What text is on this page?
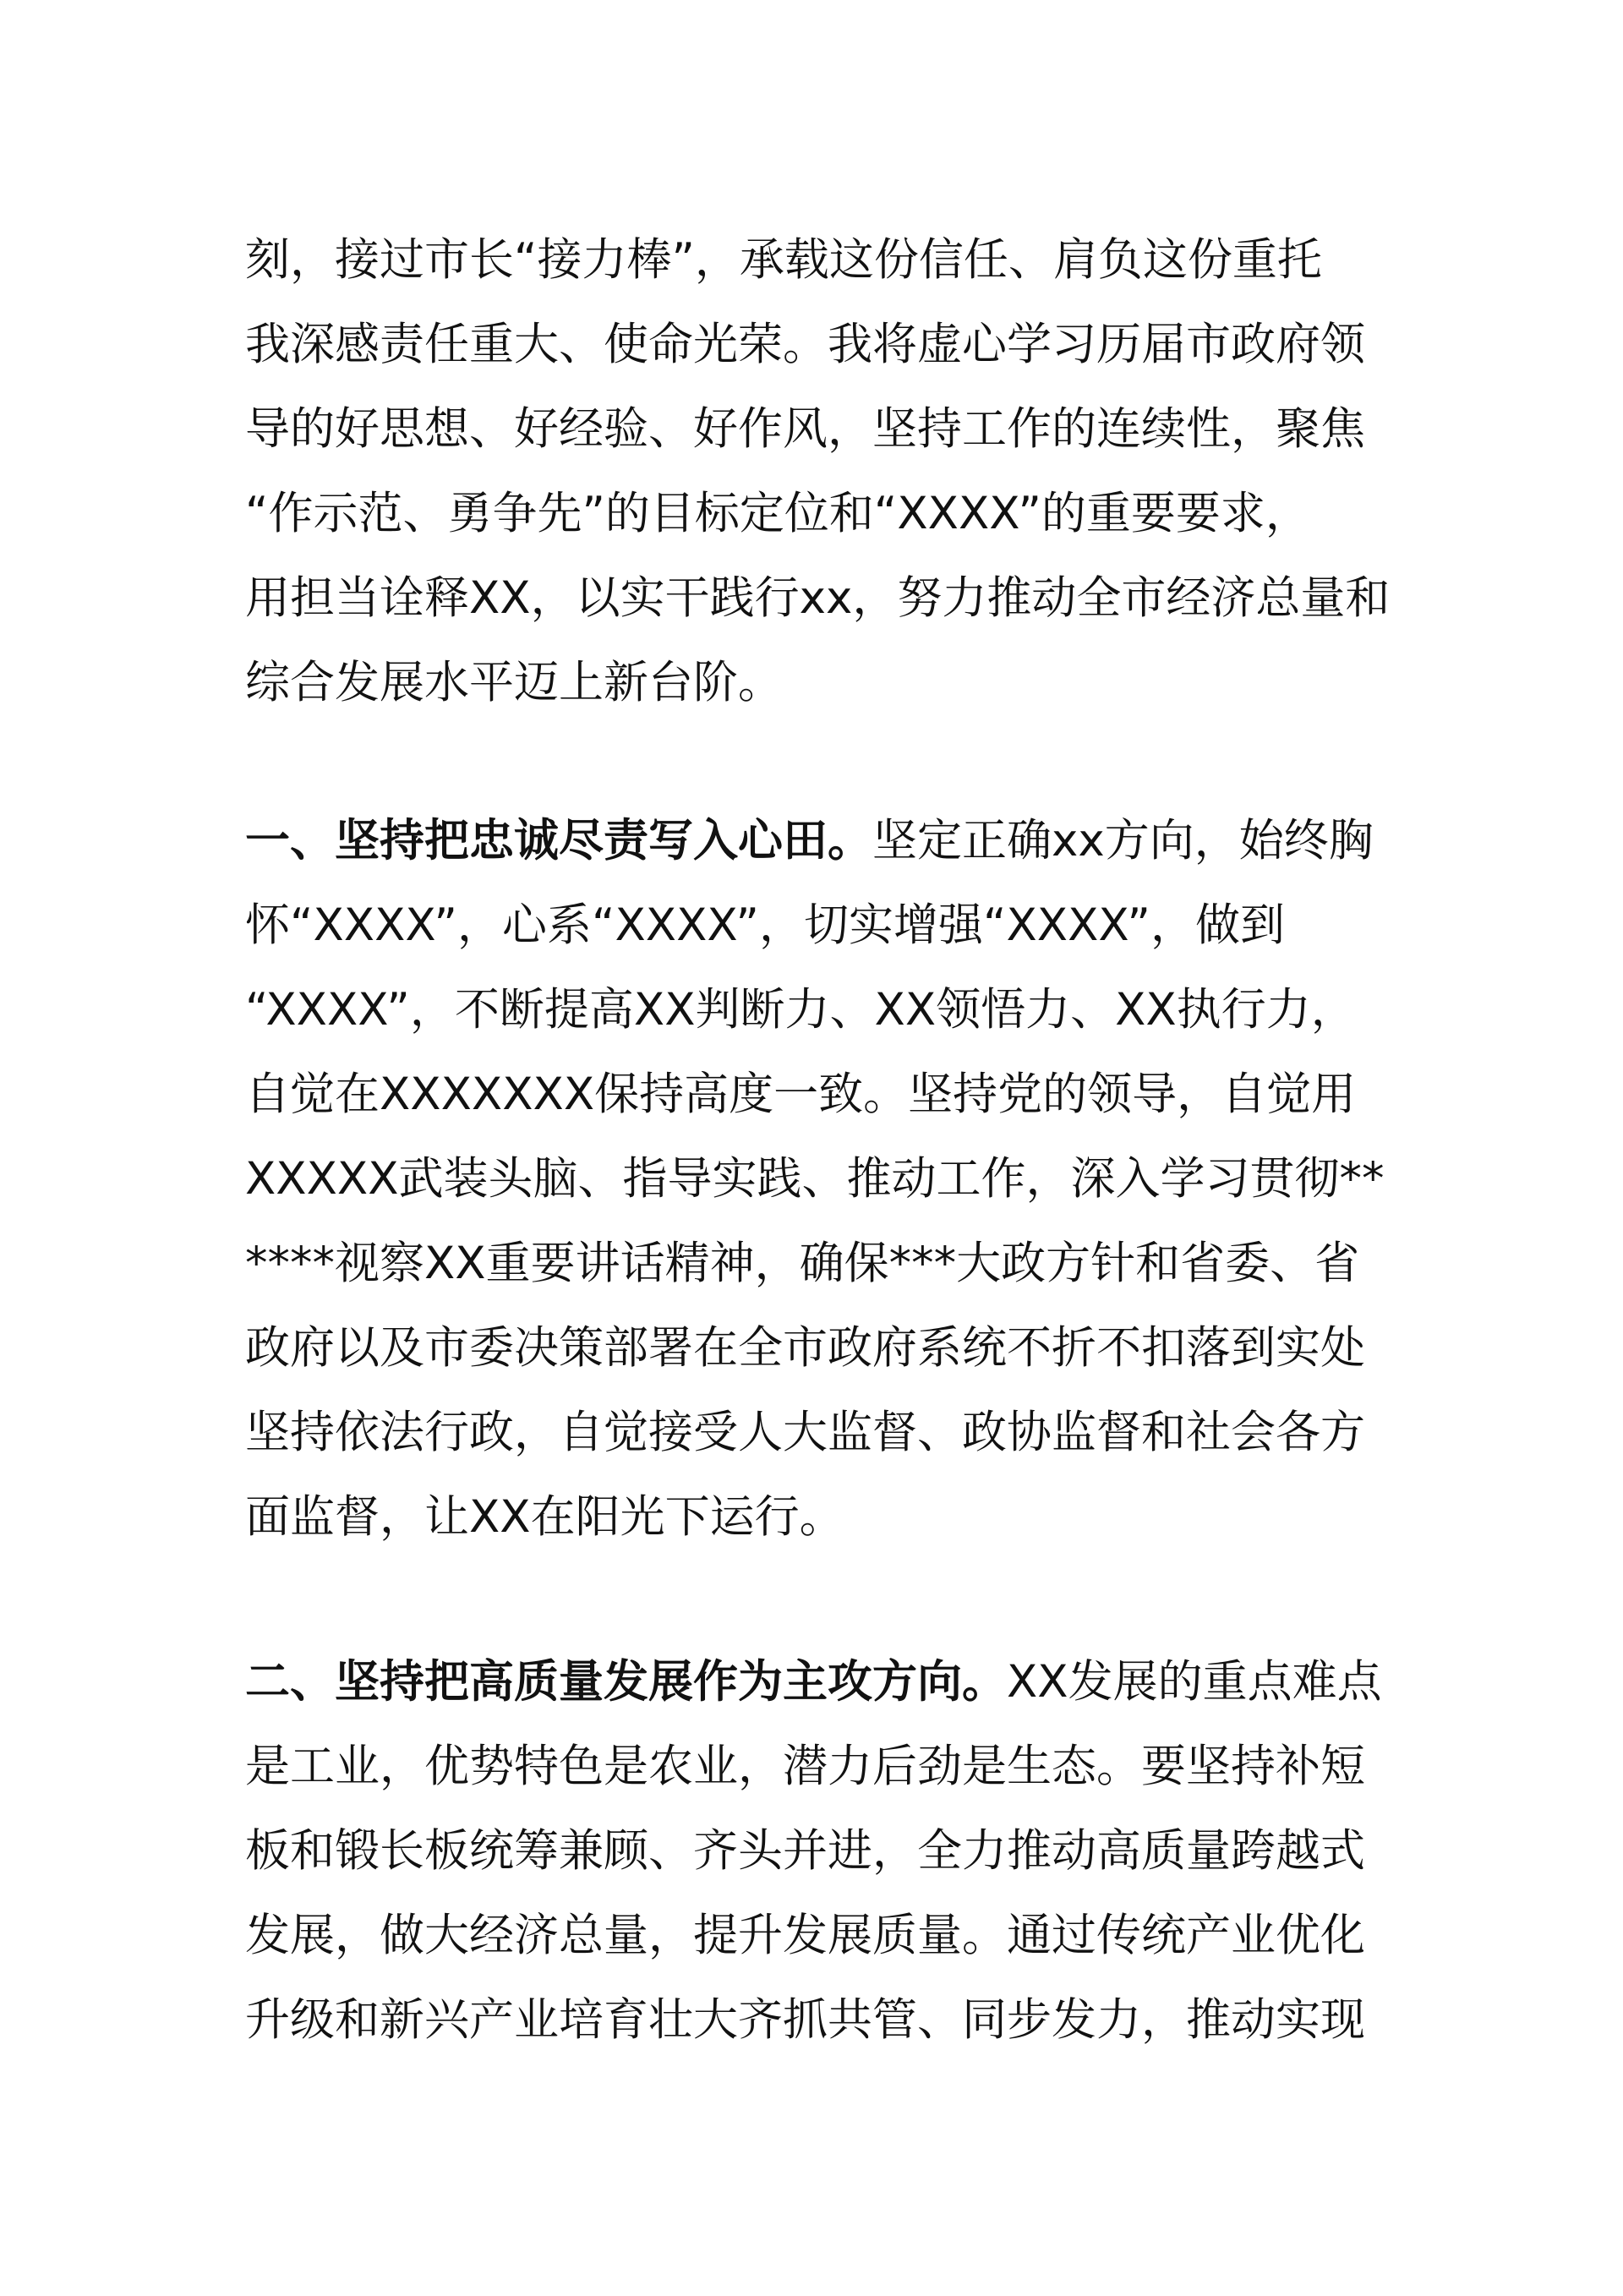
刻，接过市长“接力棒”，承载这份信任、肩负这份重托
我深感责任重大、使命光荣。我将虚心学习历届市政府领
导的好思想、好经验、好作风，坚持工作的连续性，聚焦
“作示范、勇争先”的目标定位和“XXXX”的重要要求，
用担当诠释XX，以实干践行xx，努力推动全市经济总量和
综合发展水平迈上新台阶。
一、坚持把忠诚尽责写入心田。坚定正确xx方向，始终胸
怀“XXXX”，心系“XXXX”，切实增强“XXXX”，做到
“XXXX”，不断提高XX判断力、XX领悟力、XX执行力，
自觉在XXXXXXX保持高度一致。坚持党的领导，自觉用
XXXXX武装头脑、指导实践、推动工作，深入学习贯彻**
****视察XX重要讲话精神，确保***大政方针和省委、省
政府以及市委决策部署在全市政府系统不折不扣落到实处
坚持依法行政，自觉接受人大监督、政协监督和社会各方
面监督，让XX在阳光下运行。
二、坚持把高质量发展作为主攻方向。XX发展的重点难点
是工业，优势特色是农业，潜力后劲是生态。要坚持补短
板和锻长板统筹兼顾、齐头并进，全力推动高质量跨越式
发展，做大经济总量，提升发展质量。通过传统产业优化
升级和新兴产业培育壮大齐抓共管、同步发力，推动实现
